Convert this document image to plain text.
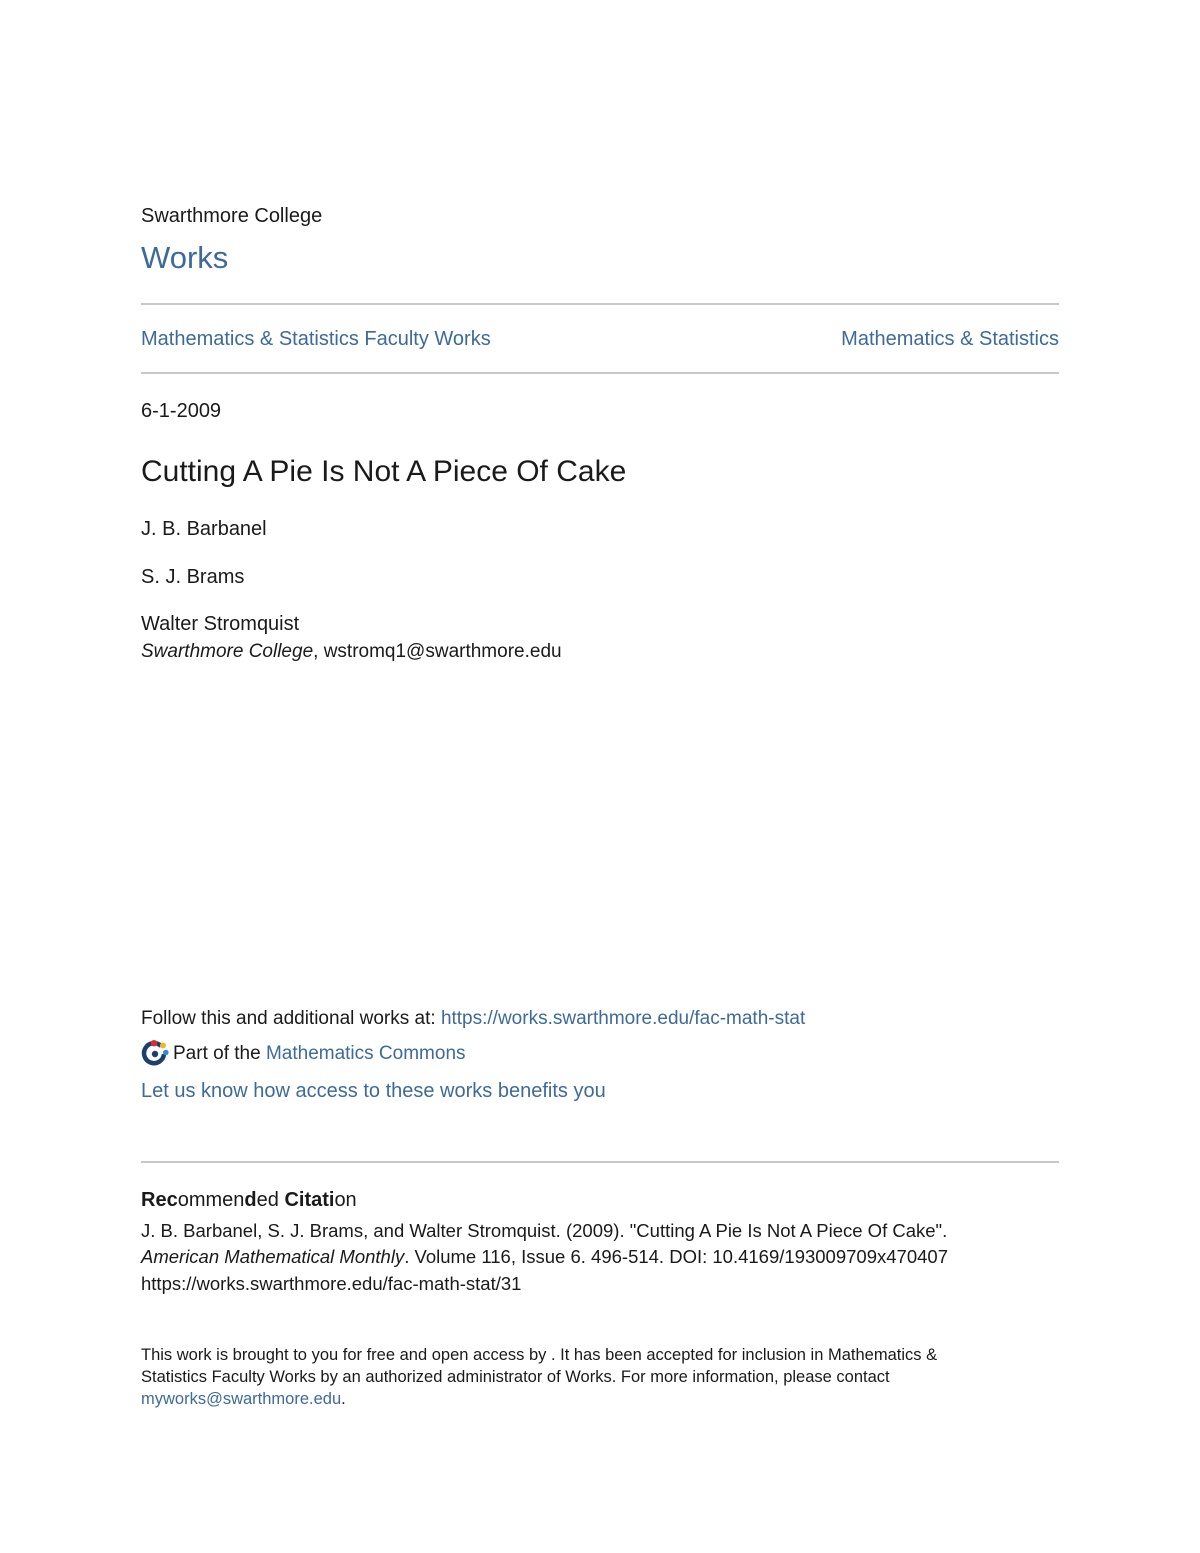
Swarthmore College
Works
Mathematics & Statistics Faculty Works	Mathematics & Statistics
6-1-2009
Cutting A Pie Is Not A Piece Of Cake
J. B. Barbanel
S. J. Brams
Walter Stromquist
Swarthmore College, wstromq1@swarthmore.edu
Follow this and additional works at: https://works.swarthmore.edu/fac-math-stat
Part of the
Mathematics Commons
Let us know how access to these works benefits you
Recommended Citation
J. B. Barbanel, S. J. Brams, and Walter Stromquist. (2009). "Cutting A Pie Is Not A Piece Of Cake".
American Mathematical Monthly. Volume 116, Issue 6. 496-514. DOI: 10.4169/193009709x470407
https://works.swarthmore.edu/fac-math-stat/31
This work is brought to you for free and open access by . It has been accepted for inclusion in Mathematics &
Statistics Faculty Works by an authorized administrator of Works. For more information, please contact
myworks@swarthmore.edu.
